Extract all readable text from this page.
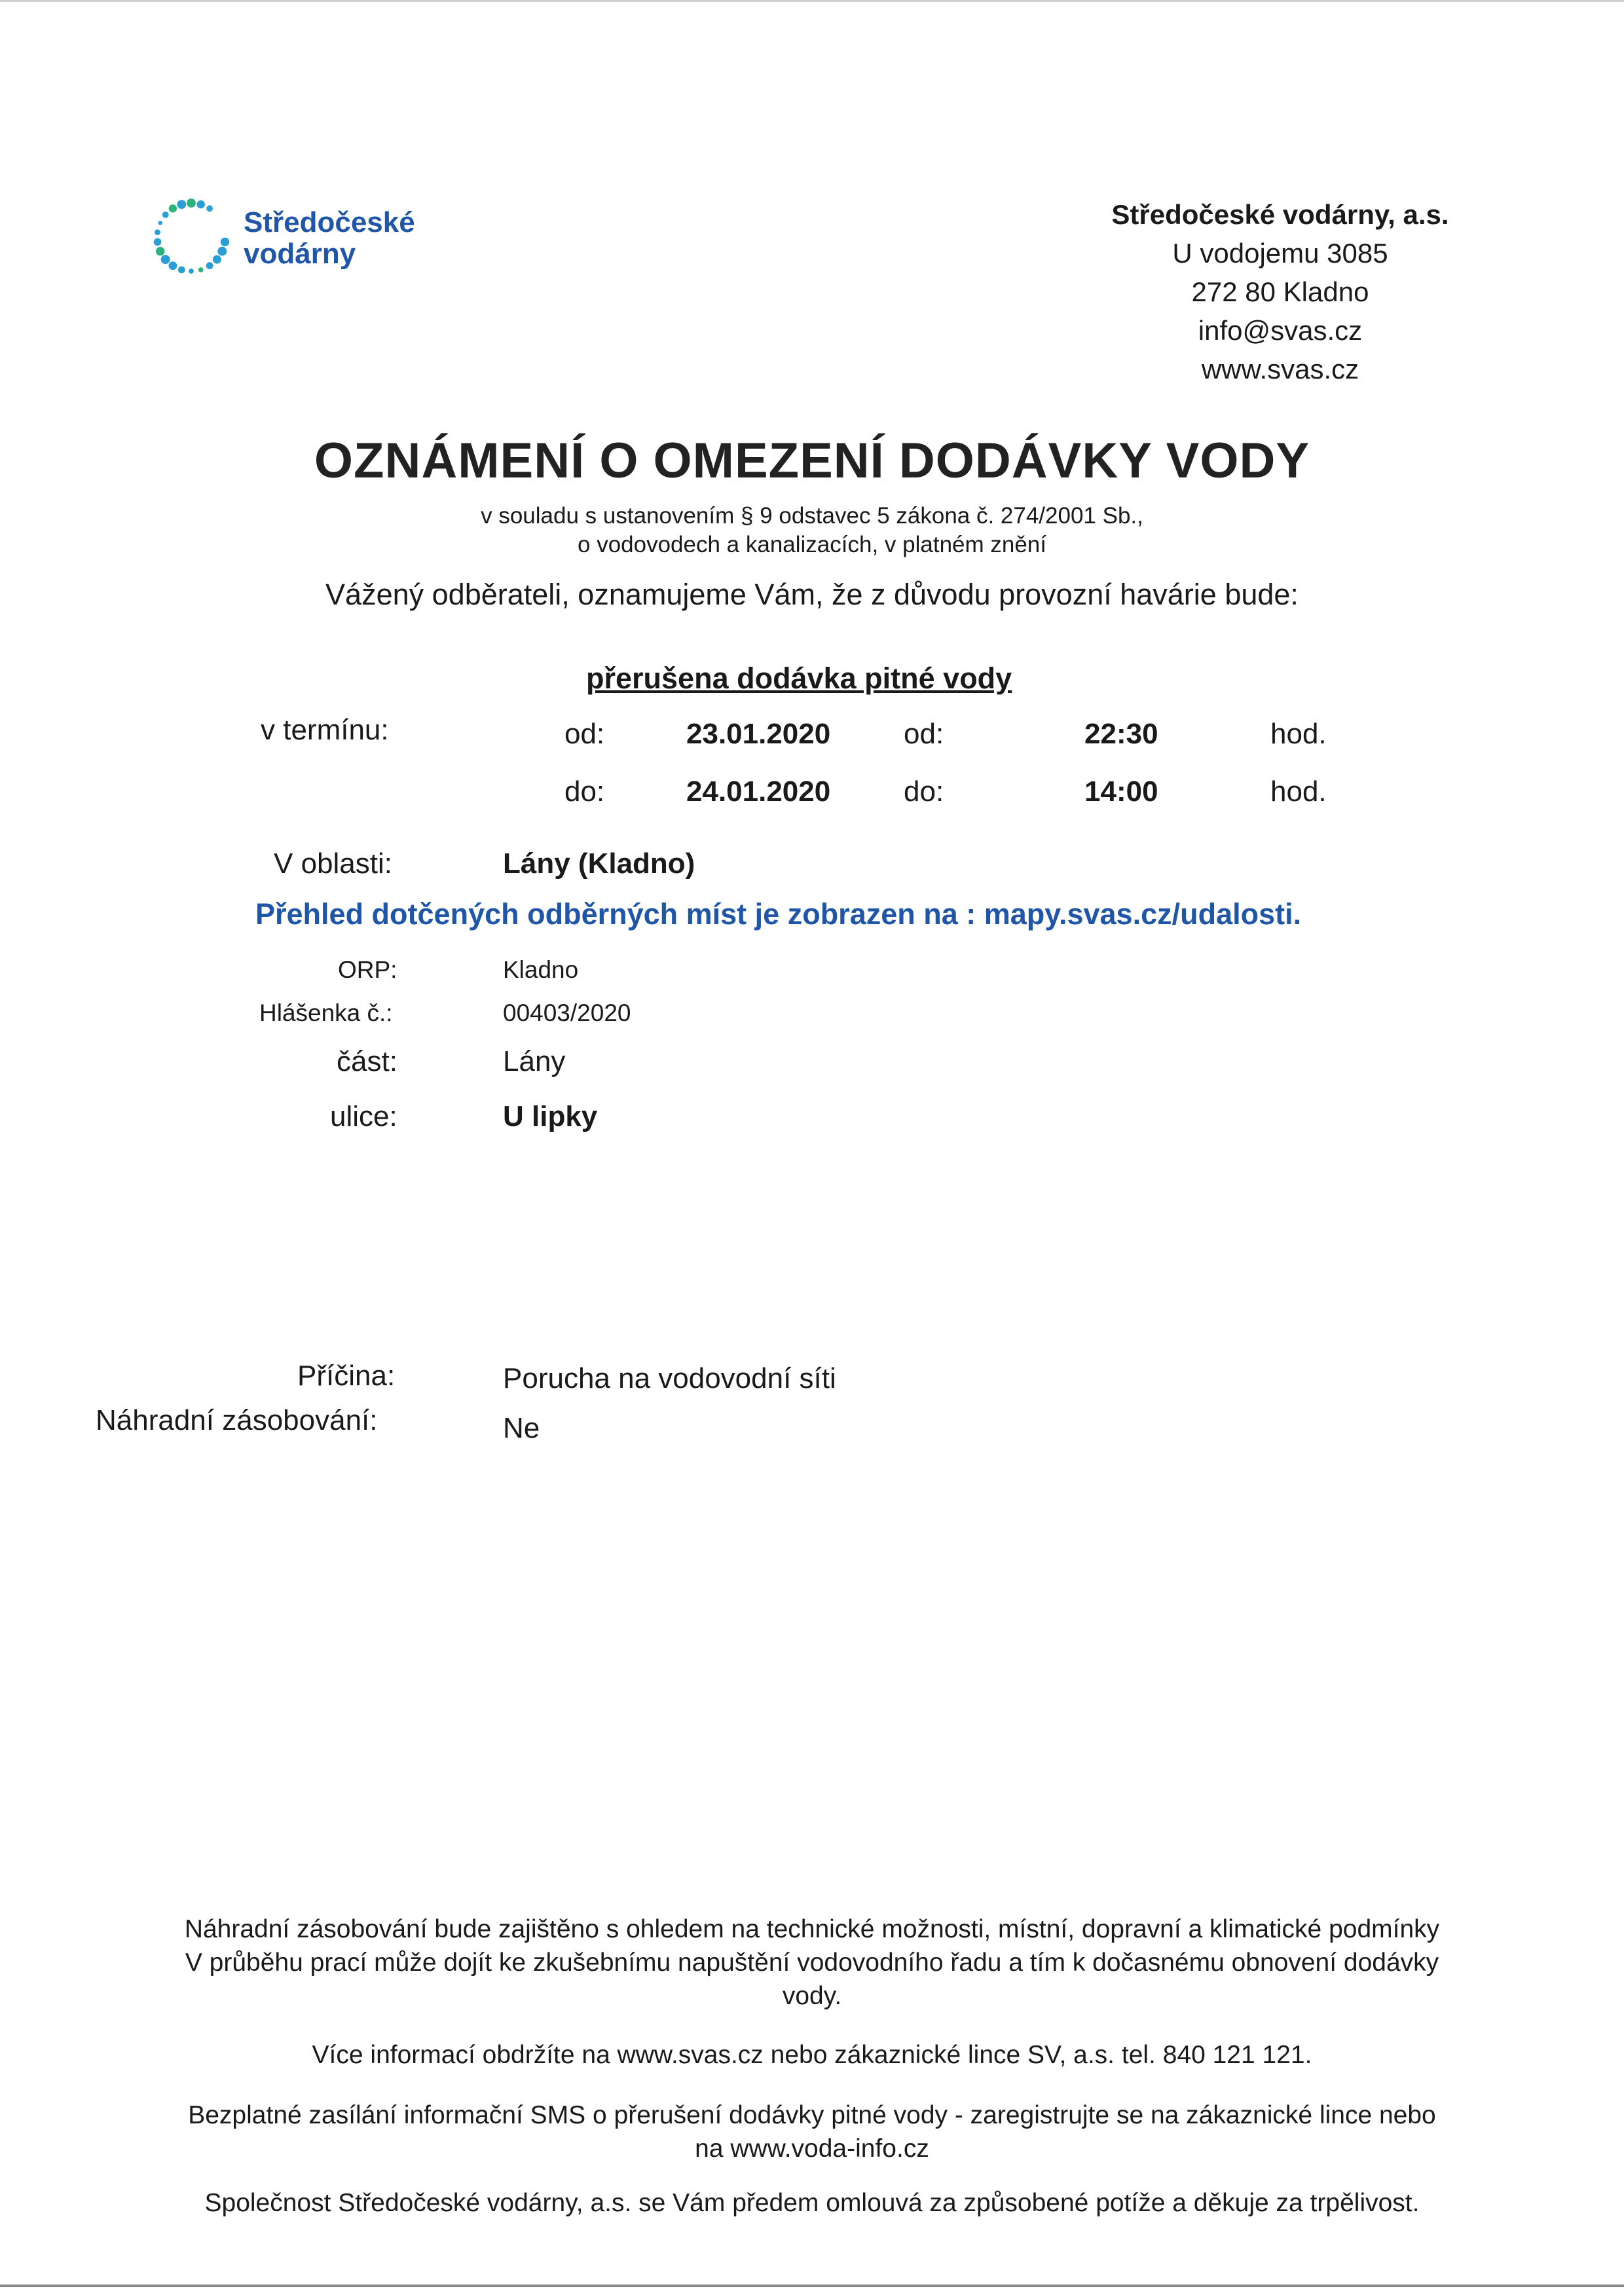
Středočeské
vodárny
Středočeské vodárny, a.s.
U vodojemu 3085
272 80 Kladno
info@svas.cz
www.svas.cz
OZNÁMENÍ O OMEZENÍ DODÁVKY VODY
v souladu s ustanovením § 9 odstavec 5 zákona č. 274/2001 Sb.,
o vodovodech a kanalizacích, v platném znění
Vážený odběrateli, oznamujeme Vám, že z důvodu provozní havárie bude:
přerušena dodávka pitné vody
v termínu:	od:	23.01.2020	od:	22:30	hod.
do:	24.01.2020	do:	14:00	hod.
V oblasti:	Lány (Kladno)
Přehled dotčených odběrných míst je zobrazen na : mapy.svas.cz/udalosti.
ORP:	Kladno
Hlášenka č.:	00403/2020
část:	Lány
ulice:	U lipky
Příčina:	Porucha na vodovodní síti
Náhradní zásobování:	Ne
Náhradní zásobování bude zajištěno s ohledem na technické možnosti, místní, dopravní a klimatické podmínky
V průběhu prací může dojít ke zkušebnímu napuštění vodovodního řadu a tím k dočasnému obnovení dodávky
vody.
Více informací obdržíte na www.svas.cz nebo zákaznické lince SV, a.s. tel. 840 121 121.
Bezplatné zasílání informační SMS o přerušení dodávky pitné vody - zaregistrujte se na zákaznické lince nebo
na www.voda-info.cz
Společnost Středočeské vodárny, a.s. se Vám předem omlouvá za způsobené potíže a děkuje za trpělivost.
